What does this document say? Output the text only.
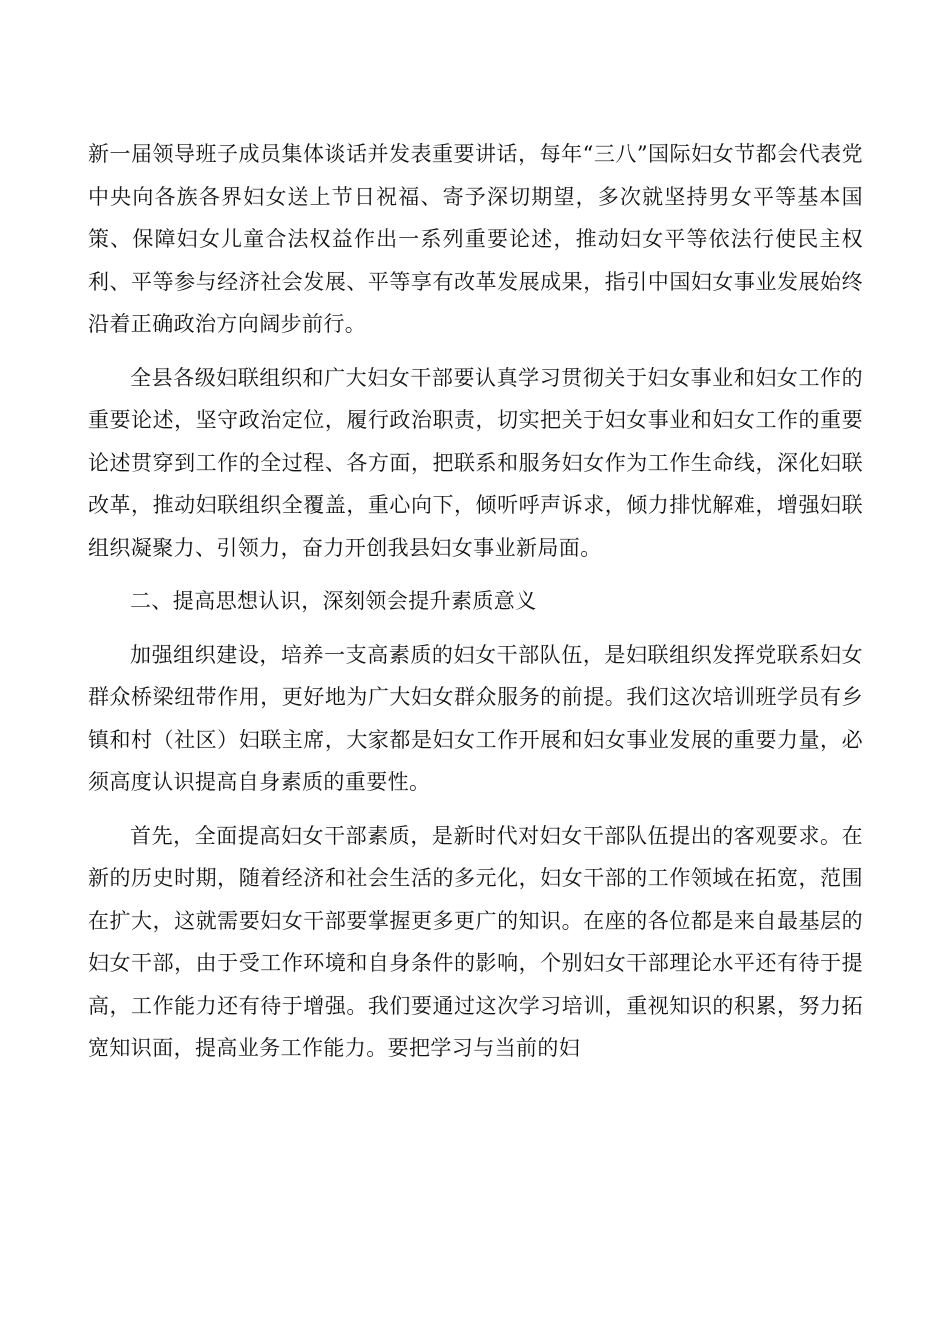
新一届领导班子成员集体谈话并发表重要讲话，每年“三八”国际妇女节都会代表党中央向各族各界妇女送上节日祝福、寄予深切期望，多次就坚持男女平等基本国策、保障妇女儿童合法权益作出一系列重要论述，推动妇女平等依法行使民主权利、平等参与经济社会发展、平等享有改革发展成果，指引中国妇女事业发展始终沿着正确政治方向阔步前行。

全县各级妇联组织和广大妇女干部要认真学习贯彻关于妇女事业和妇女工作的重要论述，坚守政治定位，履行政治职责，切实把关于妇女事业和妇女工作的重要论述贯穿到工作的全过程、各方面，把联系和服务妇女作为工作生命线，深化妇联改革，推动妇联组织全覆盖，重心向下，倾听呼声诉求，倾力排忧解难，增强妇联组织凝聚力、引领力，奋力开创我县妇女事业新局面。

二、提高思想认识，深刻领会提升素质意义

加强组织建设，培养一支高素质的妇女干部队伍，是妇联组织发挥党联系妇女群众桥梁纽带作用，更好地为广大妇女群众服务的前提。我们这次培训班学员有乡镇和村（社区）妇联主席，大家都是妇女工作开展和妇女事业发展的重要力量，必须高度认识提高自身素质的重要性。

首先，全面提高妇女干部素质，是新时代对妇女干部队伍提出的客观要求。在新的历史时期，随着经济和社会生活的多元化，妇女干部的工作领域在拓宽，范围在扩大，这就需要妇女干部要掌握更多更广的知识。在座的各位都是来自最基层的妇女干部，由于受工作环境和自身条件的影响，个别妇女干部理论水平还有待于提高，工作能力还有待于增强。我们要通过这次学习培训，重视知识的积累，努力拓宽知识面，提高业务工作能力。要把学习与当前的妇
